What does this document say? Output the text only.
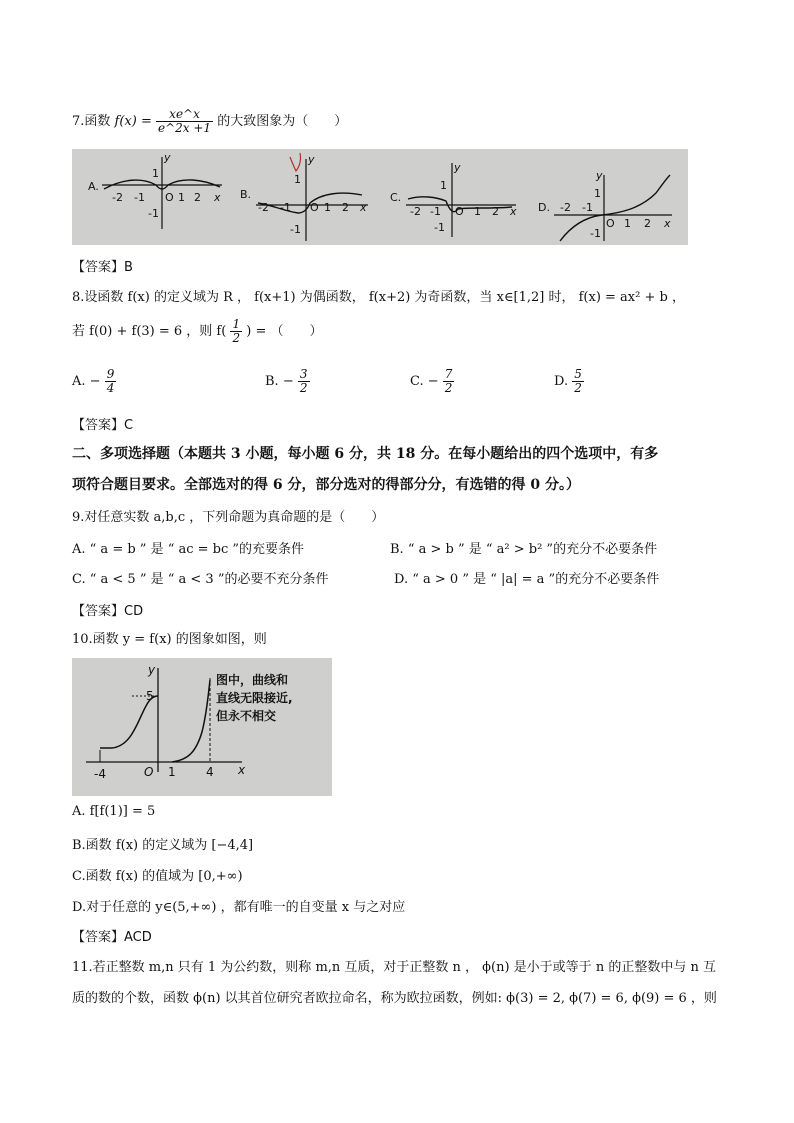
7.函数 $f(x) = \frac{xe\^{}x}{e\^{}2x +1}$ 的大致图象为（　　）
A.
y
1
-1
-2 -1 O 1 2 x B.
y
1
-1
-2 -1 O 1 2 x
C.
y
1
-1
-2 -1 O 1 2 x D.
y
1
-1
-2 -1
O 1 2 x
【答案】B
8.设函数 f(x) 的定义域为 R ， f(x+1) 为偶函数， f(x+2) 为奇函数，当 x∈[1,2] 时， f(x) = ax² + b ，
若 f(0) + f(3) = 6 ，则 $f( \frac{1}{2}$ ) = （　　）
A. − $\frac{9}{4}$	B. − $\frac{3}{2}$	C. − $\frac{7}{2}$	D. $\frac{5}{2}$
【答案】C
二、多项选择题（本题共 3 小题，每小题 6 分，共 18 分。在每小题给出的四个选项中，有多
项符合题目要求。全部选对的得 6 分，部分选对的得部分分，有选错的得 0 分。）
9.对任意实数 a,b,c ，下列命题为真命题的是（　　）
A. “ a = b ” 是 “ ac = bc ”的充要条件	B. “ a > b ” 是 “ a² > b² ”的充分不必要条件
C. “ a < 5 ” 是 “ a < 3 ”的必要不充分条件	D. “ a > 0 ” 是 “ |a| = a ”的充分不必要条件
【答案】CD
10.函数 y = f(x) 的图象如图，则
y
x
5
-4	O 1	4
图中，曲线和
直线无限接近,
但永不相交
A. f[f(1)] = 5
B.函数 f(x) 的定义域为 [−4,4]
C.函数 f(x) 的值域为 [0,+∞)
D.对于任意的 y∈(5,+∞) ，都有唯一的自变量 x 与之对应
【答案】ACD
11.若正整数 m,n 只有 1 为公约数，则称 m,n 互质，对于正整数 n ， ϕ(n) 是小于或等于 n 的正整数中与 n 互
质的数的个数，函数 ϕ(n) 以其首位研究者欧拉命名，称为欧拉函数，例如: ϕ(3) = 2, ϕ(7) = 6, ϕ(9) = 6 ，则
